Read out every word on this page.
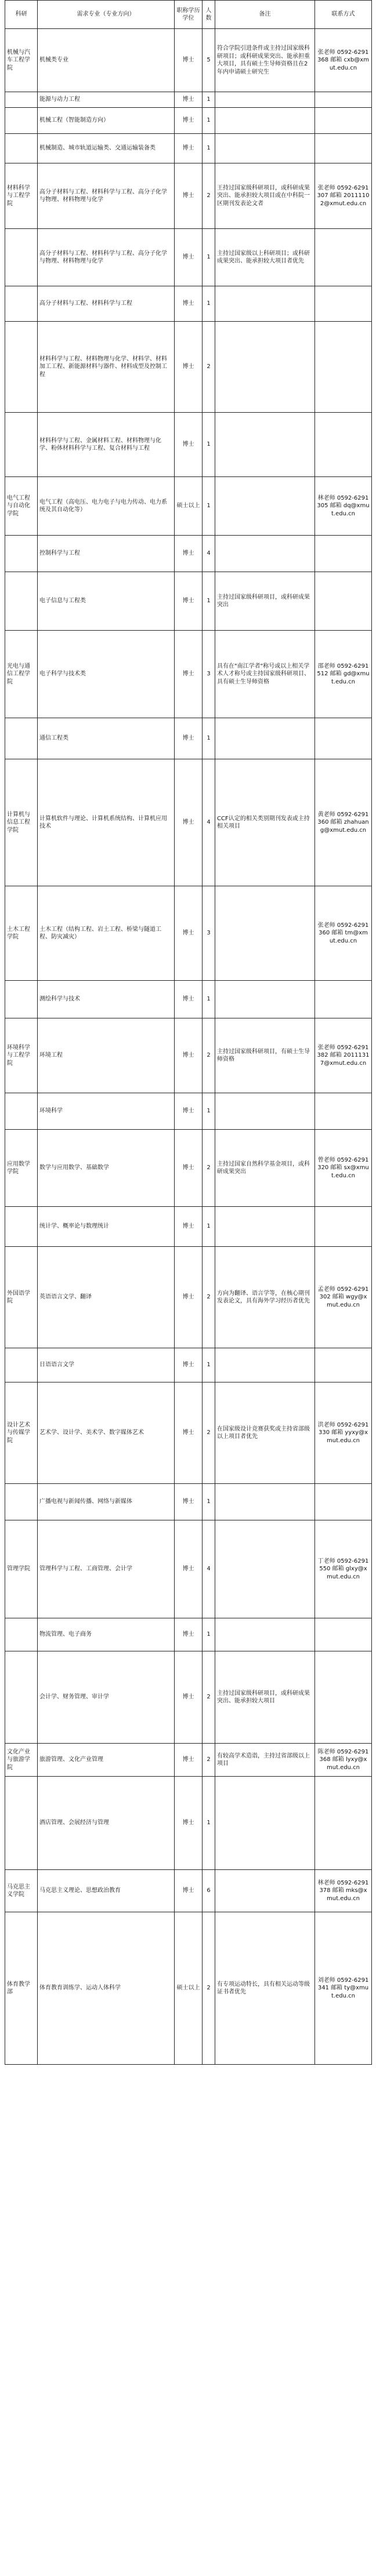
科研	需求专业（专业方向）	职称学历学位	人数	备注	联系方式
机械与汽车工程学院	机械类专业	博士	5	符合学院引进条件或主持过国家级科研项目；或科研成果突出、能承担重大项目，具有硕士生导师资格且在2年内申请硕士研究生	张老师 0592-6291368 邮箱 cxb@xmut.edu.cn
	能源与动力工程	博士	1		
	机械工程（智能制造方向）	博士	1		
	机械制造、城市轨道运输类、交通运输装备类	博士	1		
材料科学与工程学院	高分子材料与工程、材料科学与工程、高分子化学与物理、材料物理与化学	博士	2	王持过国家级科研项目，或科研成果突出、能承担较大项目或在中科院一区期刊发表论文者	张老师 0592-6291307 邮箱 20111102@xmut.edu.cn
	高分子材料与工程、材料科学与工程、高分子化学与物理、材料物理与化学	博士	1	主持过国家级以上科研项目；或科研成果突出、能承担较大项目者优先	
	高分子材料与工程、材料科学与工程	博士	1		
	材料科学与工程、材料物理与化学、材料学、材料加工工程、新能源材料与器件、材料成型及控制工程	博士	2		
	材料科学与工程、金属材料工程、材料物理与化学、粉体材料科学与工程、复合材料与工程	博士	1		
电气工程与自动化学院	电气工程（高电压、电力电子与电力传动、电力系统及其自动化等）	硕士以上	1		林老师 0592-6291305 邮箱 dq@xmut.edu.cn
	控制科学与工程	博士	4		
	电子信息与工程类	博士	1	主持过国家级科研项目，或科研成果突出	
光电与通信工程学院	电子科学与技术类	博士	3	具有在"南江学者"称号或以上相关学术人才称号或主持国家级科研项目、具有硕士生导师资格	邵老师 0592-6291512 邮箱 gd@xmut.edu.cn
	通信工程类	博士	1		
计算机与信息工程学院	计算机软件与理论、计算机系统结构、计算机应用技术	博士	4	CCF认定的相关类别期刊发表或主持相关项目	黄老师 0592-6291360 邮箱 zhahuang@xmut.edu.cn
土木工程学院	土木工程（结构工程、岩土工程、桥梁与隧道工程、防灾减灾）	博士	3		张老师 0592-6291360 邮箱 tm@xmut.edu.cn
	测绘科学与技术	博士	1		
环境科学与工程学院	环境工程	博士	2	主持过国家级科研项目，有硕士生导师资格	张老师 0592-6291382 邮箱 20111317@xmut.edu.cn
	环境科学	博士	1		
应用数学学院	数学与应用数学、基础数学	博士	2	主持过国家自然科学基金项目，或科研成果突出	曾老师 0592-6291320 邮箱 sx@xmut.edu.cn
	统计学、概率论与数理统计	博士	1		
外国语学院	英语语言文学、翻译	博士	2	方向为翻译、语言学等，在核心期刊发表论文，具有海外学习经历者优先	孟老师 0592-6291302 邮箱 wgy@xmut.edu.cn
	日语语言文学	博士	1		
设计艺术与传媒学院	艺术学、设计学、美术学、数字媒体艺术	博士	2	在国家级设计竞赛获奖或主持省部级以上项目者优先	洪老师 0592-6291330 邮箱 yyxy@xmut.edu.cn
	广播电视与新闻传播、网络与新媒体	博士	1		
管理学院	管理科学与工程、工商管理、会计学	博士	4		丁老师 0592-6291550 邮箱 glxy@xmut.edu.cn
	物流管理、电子商务	博士	1		
	会计学、财务管理、审计学	博士	2	主持过国家级科研项目，或科研成果突出、能承担较大项目	
文化产业与旅游学院	旅游管理、文化产业管理	博士	2	有较高学术造诣，主持过省部级以上项目	陈老师 0592-6291368 邮箱 lyxy@xmut.edu.cn
	酒店管理、会展经济与管理	博士	1		
马克思主义学院	马克思主义理论、思想政治教育	博士	6		林老师 0592-6291378 邮箱 mks@xmut.edu.cn
体育教学部	体育教育训练学、运动人体科学	硕士以上	2	有专项运动特长，具有相关运动等级证书者优先	刘老师 0592-6291341 邮箱 ty@xmut.edu.cn
